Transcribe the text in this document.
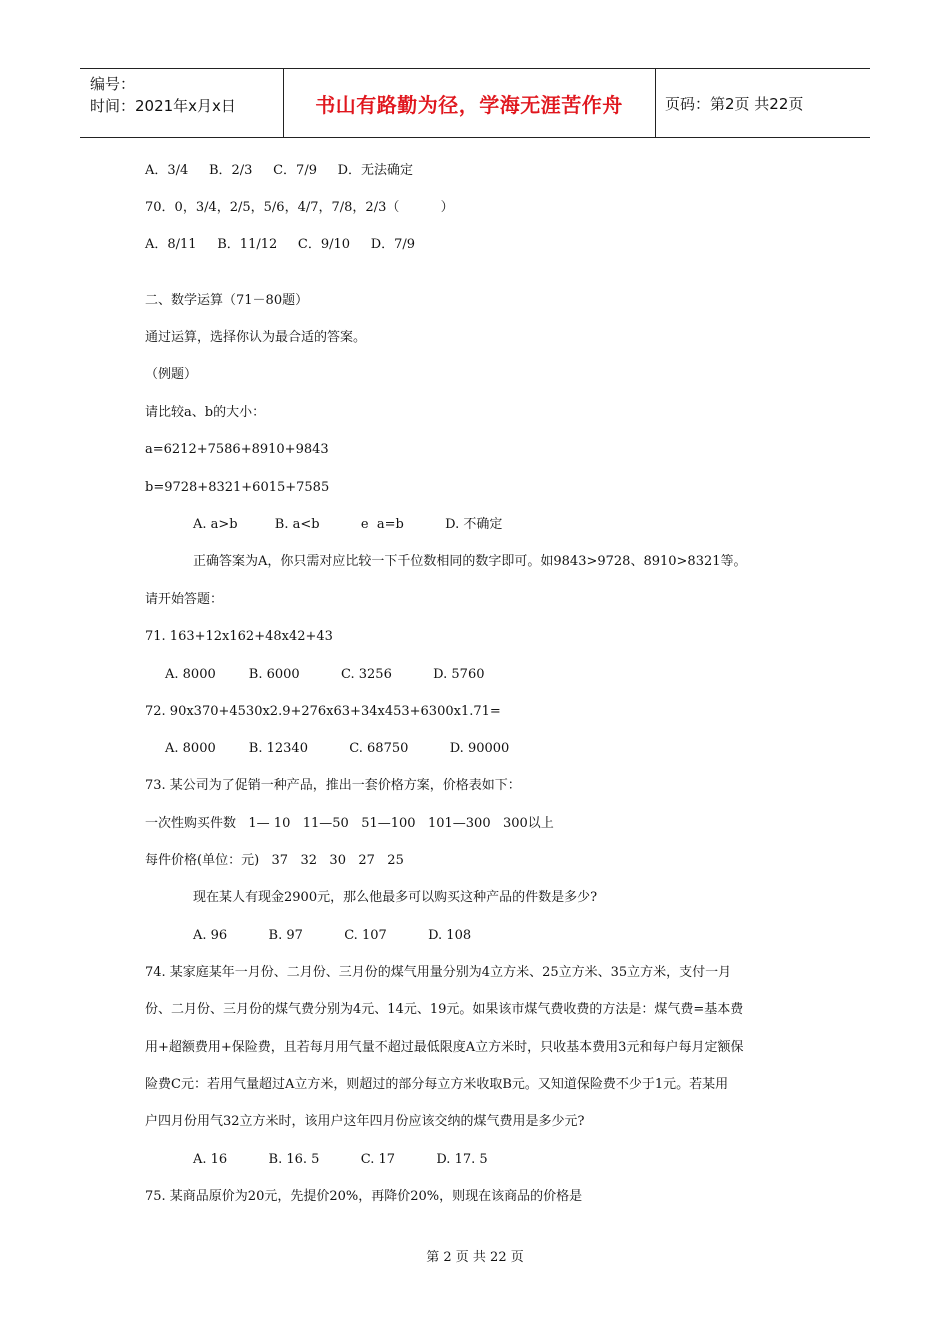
编号：
时间：2021年x月x日	书山有路勤为径，学海无涯苦作舟	页码：第2页 共22页
A．3/4     B．2/3     C．7/9     D．无法确定
70．0，3/4，2/5，5/6，4/7，7/8，2/3（          ）
A．8/11     B．11/12     C．9/10     D．7/9
二、数学运算（71－80题）
通过运算，选择你认为最合适的答案。
（例题）
请比较a、b的大小：
a=6212+7586+8910+9843
b=9728+8321+6015+7585
A. a>b         B. a<b          e  a=b          D. 不确定
正确答案为A，你只需对应比较一下千位数相同的数字即可。如9843>9728、8910>8321等。
请开始答题：
71. 163+12x162+48x42+43
A. 8000        B. 6000          C. 3256          D. 5760
72. 90x370+4530x2.9+276x63+34x453+6300x1.71=
A. 8000        B. 12340          C. 68750          D. 90000
73. 某公司为了促销一种产品，推出一套价格方案，价格表如下：
一次性购买件数   1— 10   11—50   51—100   101—300   300以上
每件价格(单位：元)   37   32   30   27   25
现在某人有现金2900元，那么他最多可以购买这种产品的件数是多少?
A. 96          B. 97          C. 107          D. 108
74. 某家庭某年一月份、二月份、三月份的煤气用量分别为4立方米、25立方米、35立方米，支付一月
份、二月份、三月份的煤气费分别为4元、14元、19元。如果该市煤气费收费的方法是：煤气费=基本费
用+超额费用+保险费，且若每月用气量不超过最低限度A立方米时，只收基本费用3元和每户每月定额保
险费C元：若用气量超过A立方米，则超过的部分每立方米收取B元。又知道保险费不少于1元。若某用
户四月份用气32立方米时，该用户这年四月份应该交纳的煤气费用是多少元?
A. 16          B. 16. 5          C. 17          D. 17. 5
75. 某商品原价为20元，先提价20%，再降价20%，则现在该商品的价格是
第 2 页 共 22 页
